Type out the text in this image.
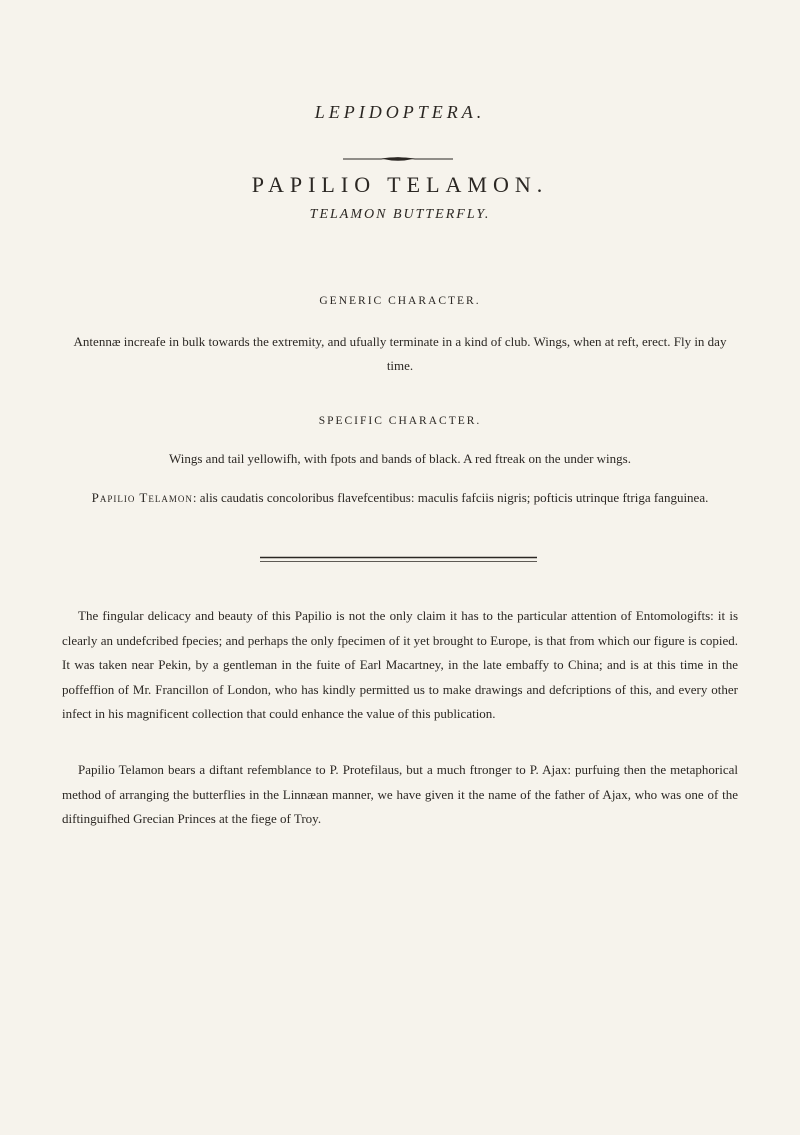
LEPIDOPTERA.

PAPILIO TELAMON.

TELAMON BUTTERFLY.

GENERIC CHARACTER.

Antennæ increafe in bulk towards the extremity, and ufually terminate in a kind of club. Wings, when at reft, erect. Fly in day time.

SPECIFIC CHARACTER.

Wings and tail yellowifh, with fpots and bands of black. A red ftreak on the under wings.

Papilio Telamon: alis caudatis concoloribus flavefcentibus: maculis fafciis nigris; pofticis utrinque ftriga fanguinea.

The fingular delicacy and beauty of this Papilio is not the only claim it has to the particular attention of Entomologifts: it is clearly an undefcribed fpecies; and perhaps the only fpecimen of it yet brought to Europe, is that from which our figure is copied. It was taken near Pekin, by a gentleman in the fuite of Earl Macartney, in the late embaffy to China; and is at this time in the poffeffion of Mr. Francillon of London, who has kindly permitted us to make drawings and defcriptions of this, and every other infect in his magnificent collection that could enhance the value of this publication.

Papilio Telamon bears a diftant refemblance to P. Protefilaus, but a much ftronger to P. Ajax: purfuing then the metaphorical method of arranging the butterflies in the Linnæan manner, we have given it the name of the father of Ajax, who was one of the diftinguifhed Grecian Princes at the fiege of Troy.
